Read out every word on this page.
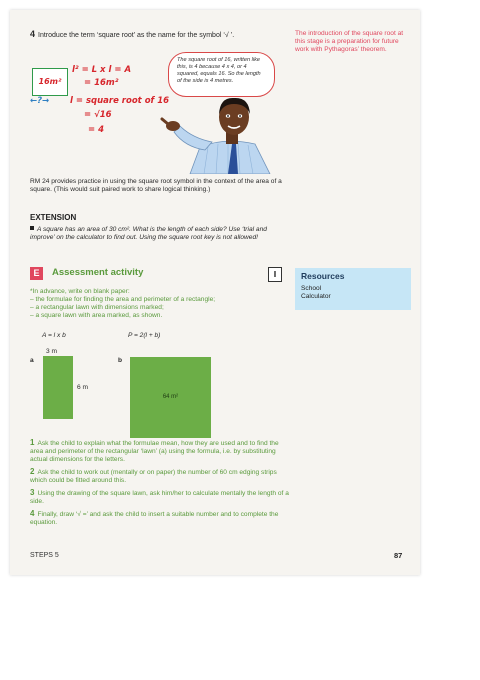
4 Introduce the term ‘square root’ as the name for the symbol ‘√ ’.	The introduction of the square root at this stage is a preparation for future work with Pythagoras’ theorem.
16m²
l² = L x l = A
= 16m²
←?→ l = square root of 16
= √16
= 4
The square root of 16, written like this, is 4 because 4 x 4, or 4 squared, equals 16. So the length of the side is 4 metres.
RM 24 provides practice in using the square root symbol in the context of the area of a square. (This would suit paired work to share logical thinking.)
EXTENSION
A square has an area of 30 cm². What is the length of each side? Use ‘trial and improve’ on the calculator to find out. Using the square root key is not allowed!
E	Assessment activity	I	Resources
School
Calculator
*In advance, write on blank paper:
– the formulae for finding the area and perimeter of a rectangle;
– a rectangular lawn with dimensions marked;
– a square lawn with area marked, as shown.
A = l x b	P = 2(l + b)
a
3 m
6 m
b
64 m²
1 Ask the child to explain what the formulae mean, how they are used and to find the area and perimeter of the rectangular ‘lawn’ (a) using the formula, i.e. by substituting actual dimensions for the letters.
2 Ask the child to work out (mentally or on paper) the number of 60 cm edging strips which could be fitted around this.
3 Using the drawing of the square lawn, ask him/her to calculate mentally the length of a side.
4 Finally, draw ‘√ =’ and ask the child to insert a suitable number and to complete the equation.
STEPS 5	87
